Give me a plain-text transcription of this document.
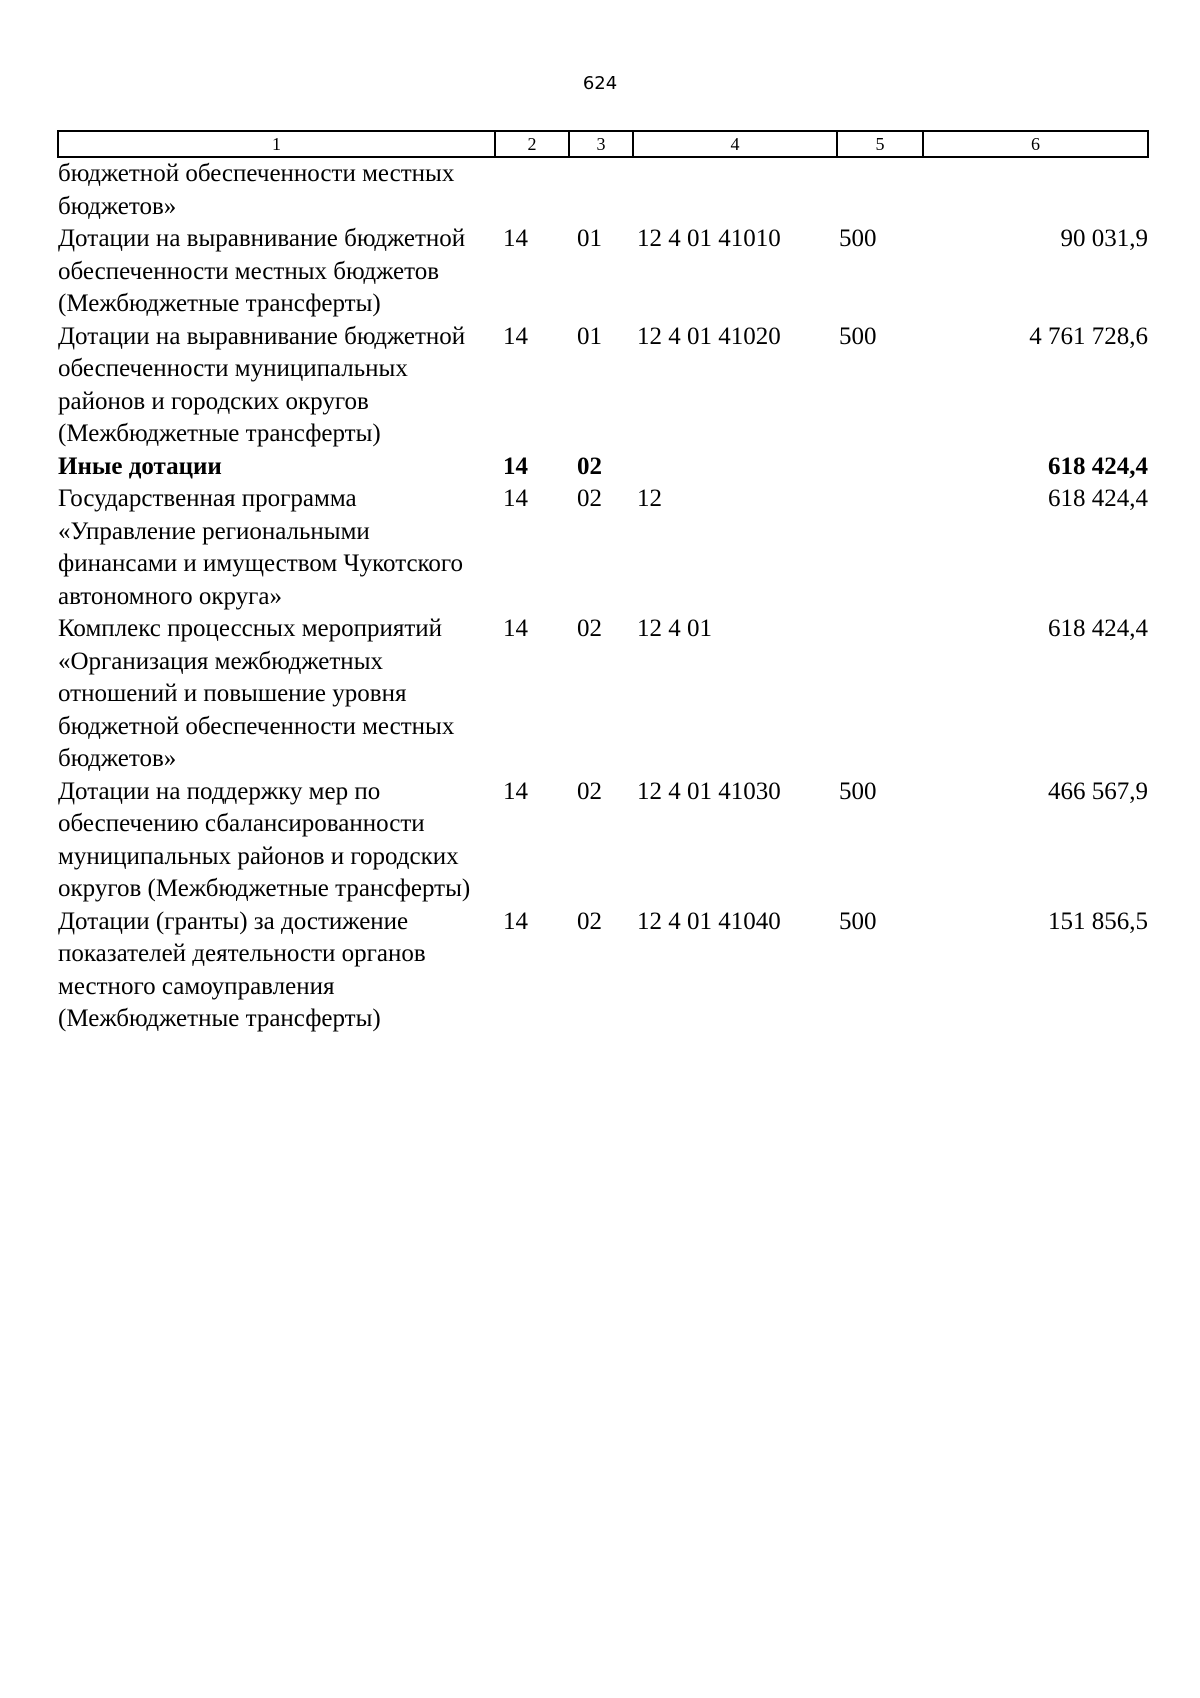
624
1	2	3	4	5	6
бюджетной обеспеченности местных бюджетов»					
Дотации на выравнивание бюджетной обеспеченности местных бюджетов (Межбюджетные трансферты)	14	01	12 4 01 41010	500	90 031,9
Дотации на выравнивание бюджетной обеспеченности муниципальных районов и городских округов (Межбюджетные трансферты)	14	01	12 4 01 41020	500	4 761 728,6
Иные дотации	14	02			618 424,4
Государственная программа «Управление региональными финансами и имуществом Чукотского автономного округа»	14	02	12		618 424,4
Комплекс процессных мероприятий «Организация межбюджетных отношений и повышение уровня бюджетной обеспеченности местных бюджетов»	14	02	12 4 01		618 424,4
Дотации на поддержку мер по обеспечению сбалансированности муниципальных районов и городских округов (Межбюджетные трансферты)	14	02	12 4 01 41030	500	466 567,9
Дотации (гранты) за достижение показателей деятельности органов местного самоуправления (Межбюджетные трансферты)	14	02	12 4 01 41040	500	151 856,5
